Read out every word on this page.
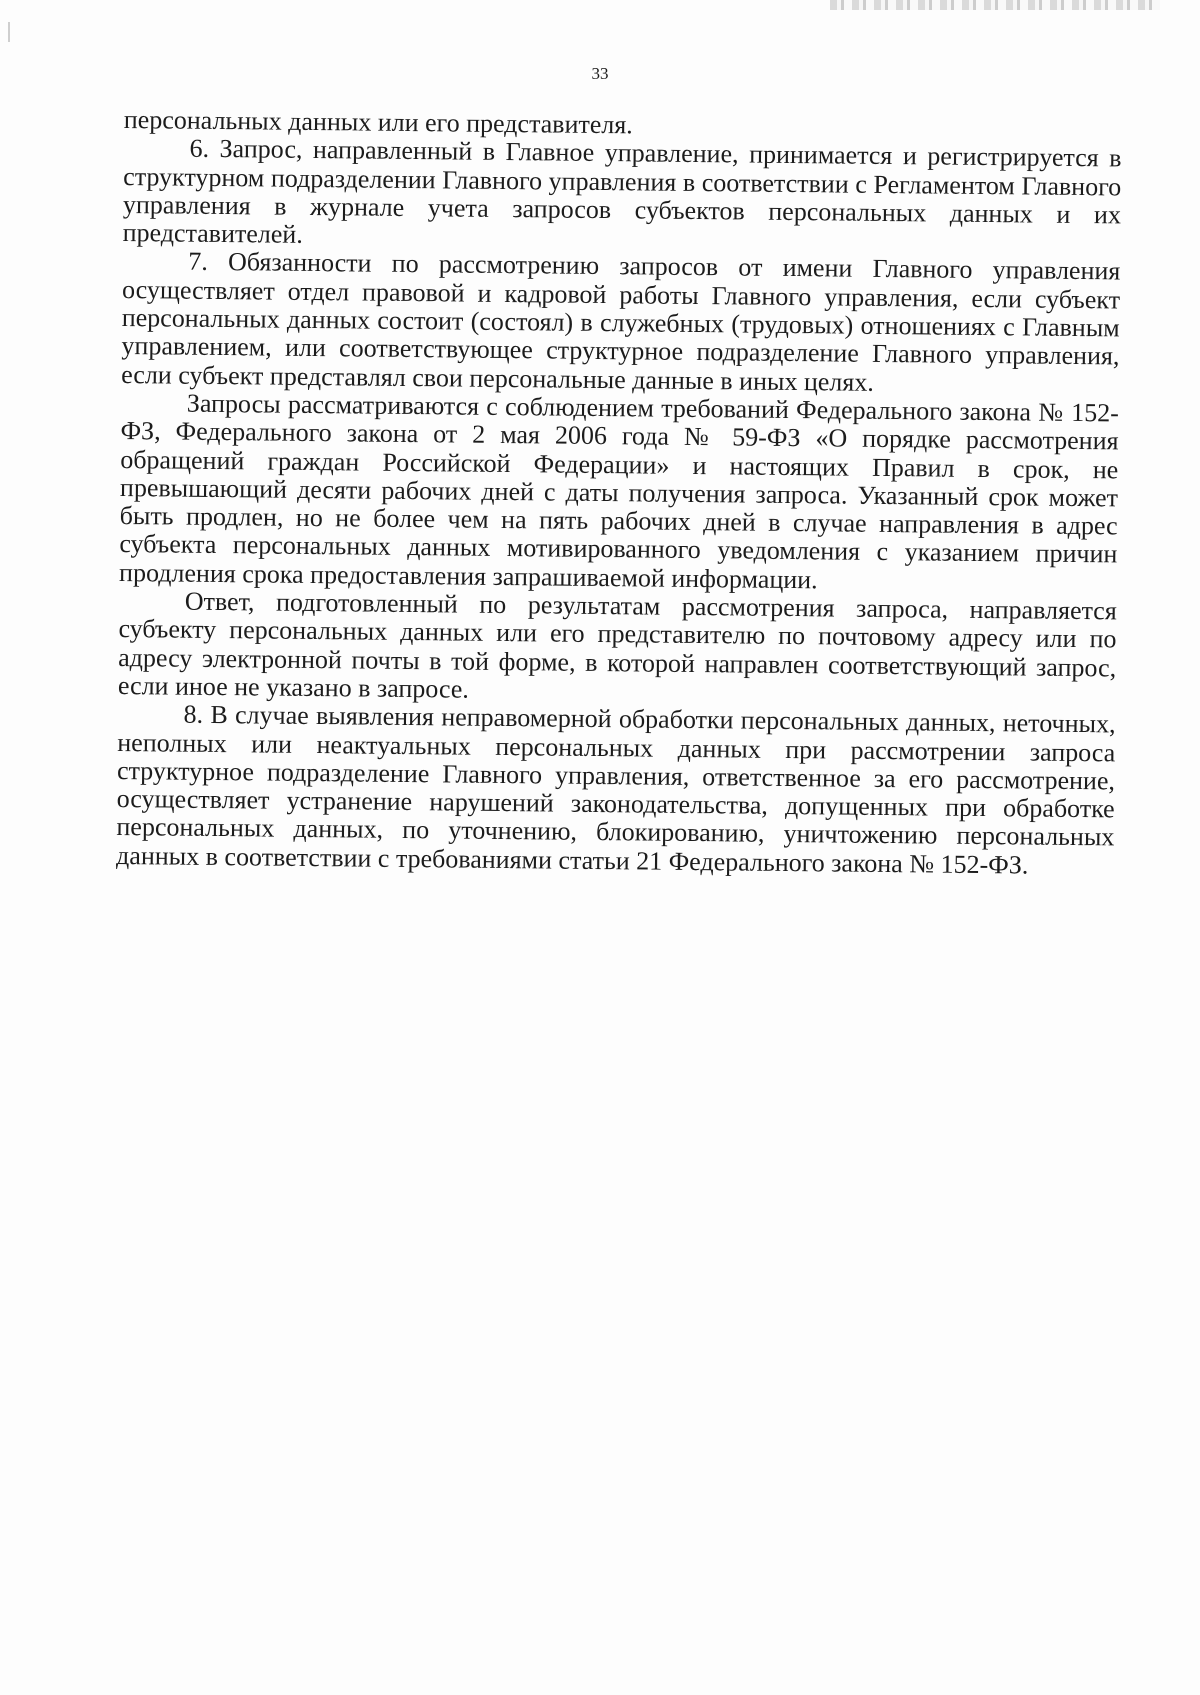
33

персональных данных или его представителя.

6. Запрос, направленный в Главное управление, принимается и регистрируется в структурном подразделении Главного управления в соответствии с Регламентом Главного управления в журнале учета запросов субъектов персональных данных и их представителей.

7. Обязанности по рассмотрению запросов от имени Главного управления осуществляет отдел правовой и кадровой работы Главного управления, если субъект персональных данных состоит (состоял) в служебных (трудовых) отношениях с Главным управлением, или соответствующее структурное подразделение Главного управления, если субъект представлял свои персональные данные в иных целях.

Запросы рассматриваются с соблюдением требований Федерального закона № 152-ФЗ, Федерального закона от 2 мая 2006 года № 59-ФЗ «О порядке рассмотрения обращений граждан Российской Федерации» и настоящих Правил в срок, не превышающий десяти рабочих дней с даты получения запроса. Указанный срок может быть продлен, но не более чем на пять рабочих дней в случае направления в адрес субъекта персональных данных мотивированного уведомления с указанием причин продления срока предоставления запрашиваемой информации.

Ответ, подготовленный по результатам рассмотрения запроса, направляется субъекту персональных данных или его представителю по почтовому адресу или по адресу электронной почты в той форме, в которой направлен соответствующий запрос, если иное не указано в запросе.

8. В случае выявления неправомерной обработки персональных данных, неточных, неполных или неактуальных персональных данных при рассмотрении запроса структурное подразделение Главного управления, ответственное за его рассмотрение, осуществляет устранение нарушений законодательства, допущенных при обработке персональных данных, по уточнению, блокированию, уничтожению персональных данных в соответствии с требованиями статьи 21 Федерального закона № 152-ФЗ.
